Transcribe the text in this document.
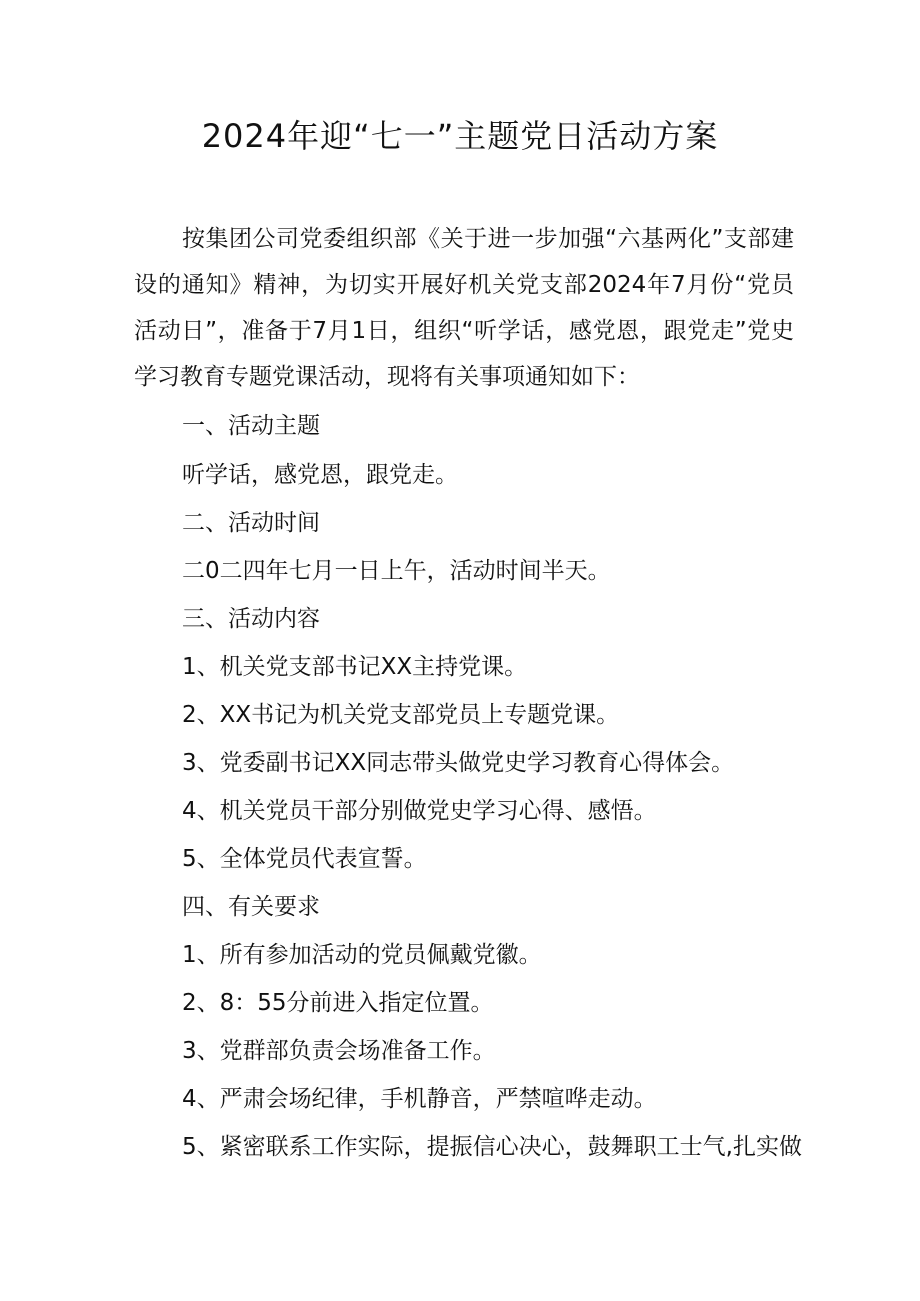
2024年迎“七一”主题党日活动方案

按集团公司党委组织部《关于进一步加强“六基两化”支部建设的通知》精神，为切实开展好机关党支部2024年7月份“党员活动日”，准备于7月1日，组织“听学话，感党恩，跟党走”党史学习教育专题党课活动，现将有关事项通知如下：

一、活动主题

听学话，感党恩，跟党走。

二、活动时间

二0二四年七月一日上午，活动时间半天。

三、活动内容

1、机关党支部书记XX主持党课。

2、XX书记为机关党支部党员上专题党课。

3、党委副书记XX同志带头做党史学习教育心得体会。

4、机关党员干部分别做党史学习心得、感悟。

5、全体党员代表宣誓。

四、有关要求

1、所有参加活动的党员佩戴党徽。

2、8：55分前进入指定位置。

3、党群部负责会场准备工作。

4、严肃会场纪律，手机静音，严禁喧哗走动。

5、紧密联系工作实际，提振信心决心，鼓舞职工士气,扎实做
